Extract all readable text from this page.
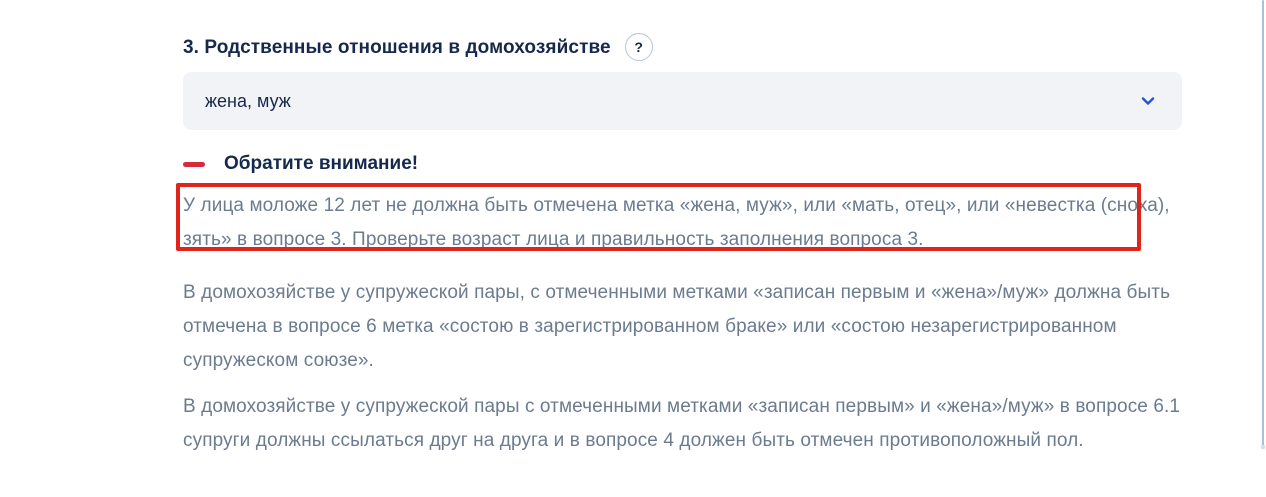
3. Родственные отношения в домохозяйстве	?
жена, муж
Обратите внимание!

У лица моложе 12 лет не должна быть отмечена метка «жена, муж», или «мать, отец», или «невестка (сноха), зять» в вопросе 3. Проверьте возраст лица и правильность заполнения вопроса 3.

В домохозяйстве у супружеской пары, с отмеченными метками «записан первым и «жена»/муж» должна быть отмечена в вопросе 6 метка «состою в зарегистрированном браке» или «состою незарегистрированном супружеском союзе».

В домохозяйстве у супружеской пары с отмеченными метками «записан первым» и «жена»/муж» в вопросе 6.1 супруги должны ссылаться друг на друга и в вопросе 4 должен быть отмечен противоположный пол.
